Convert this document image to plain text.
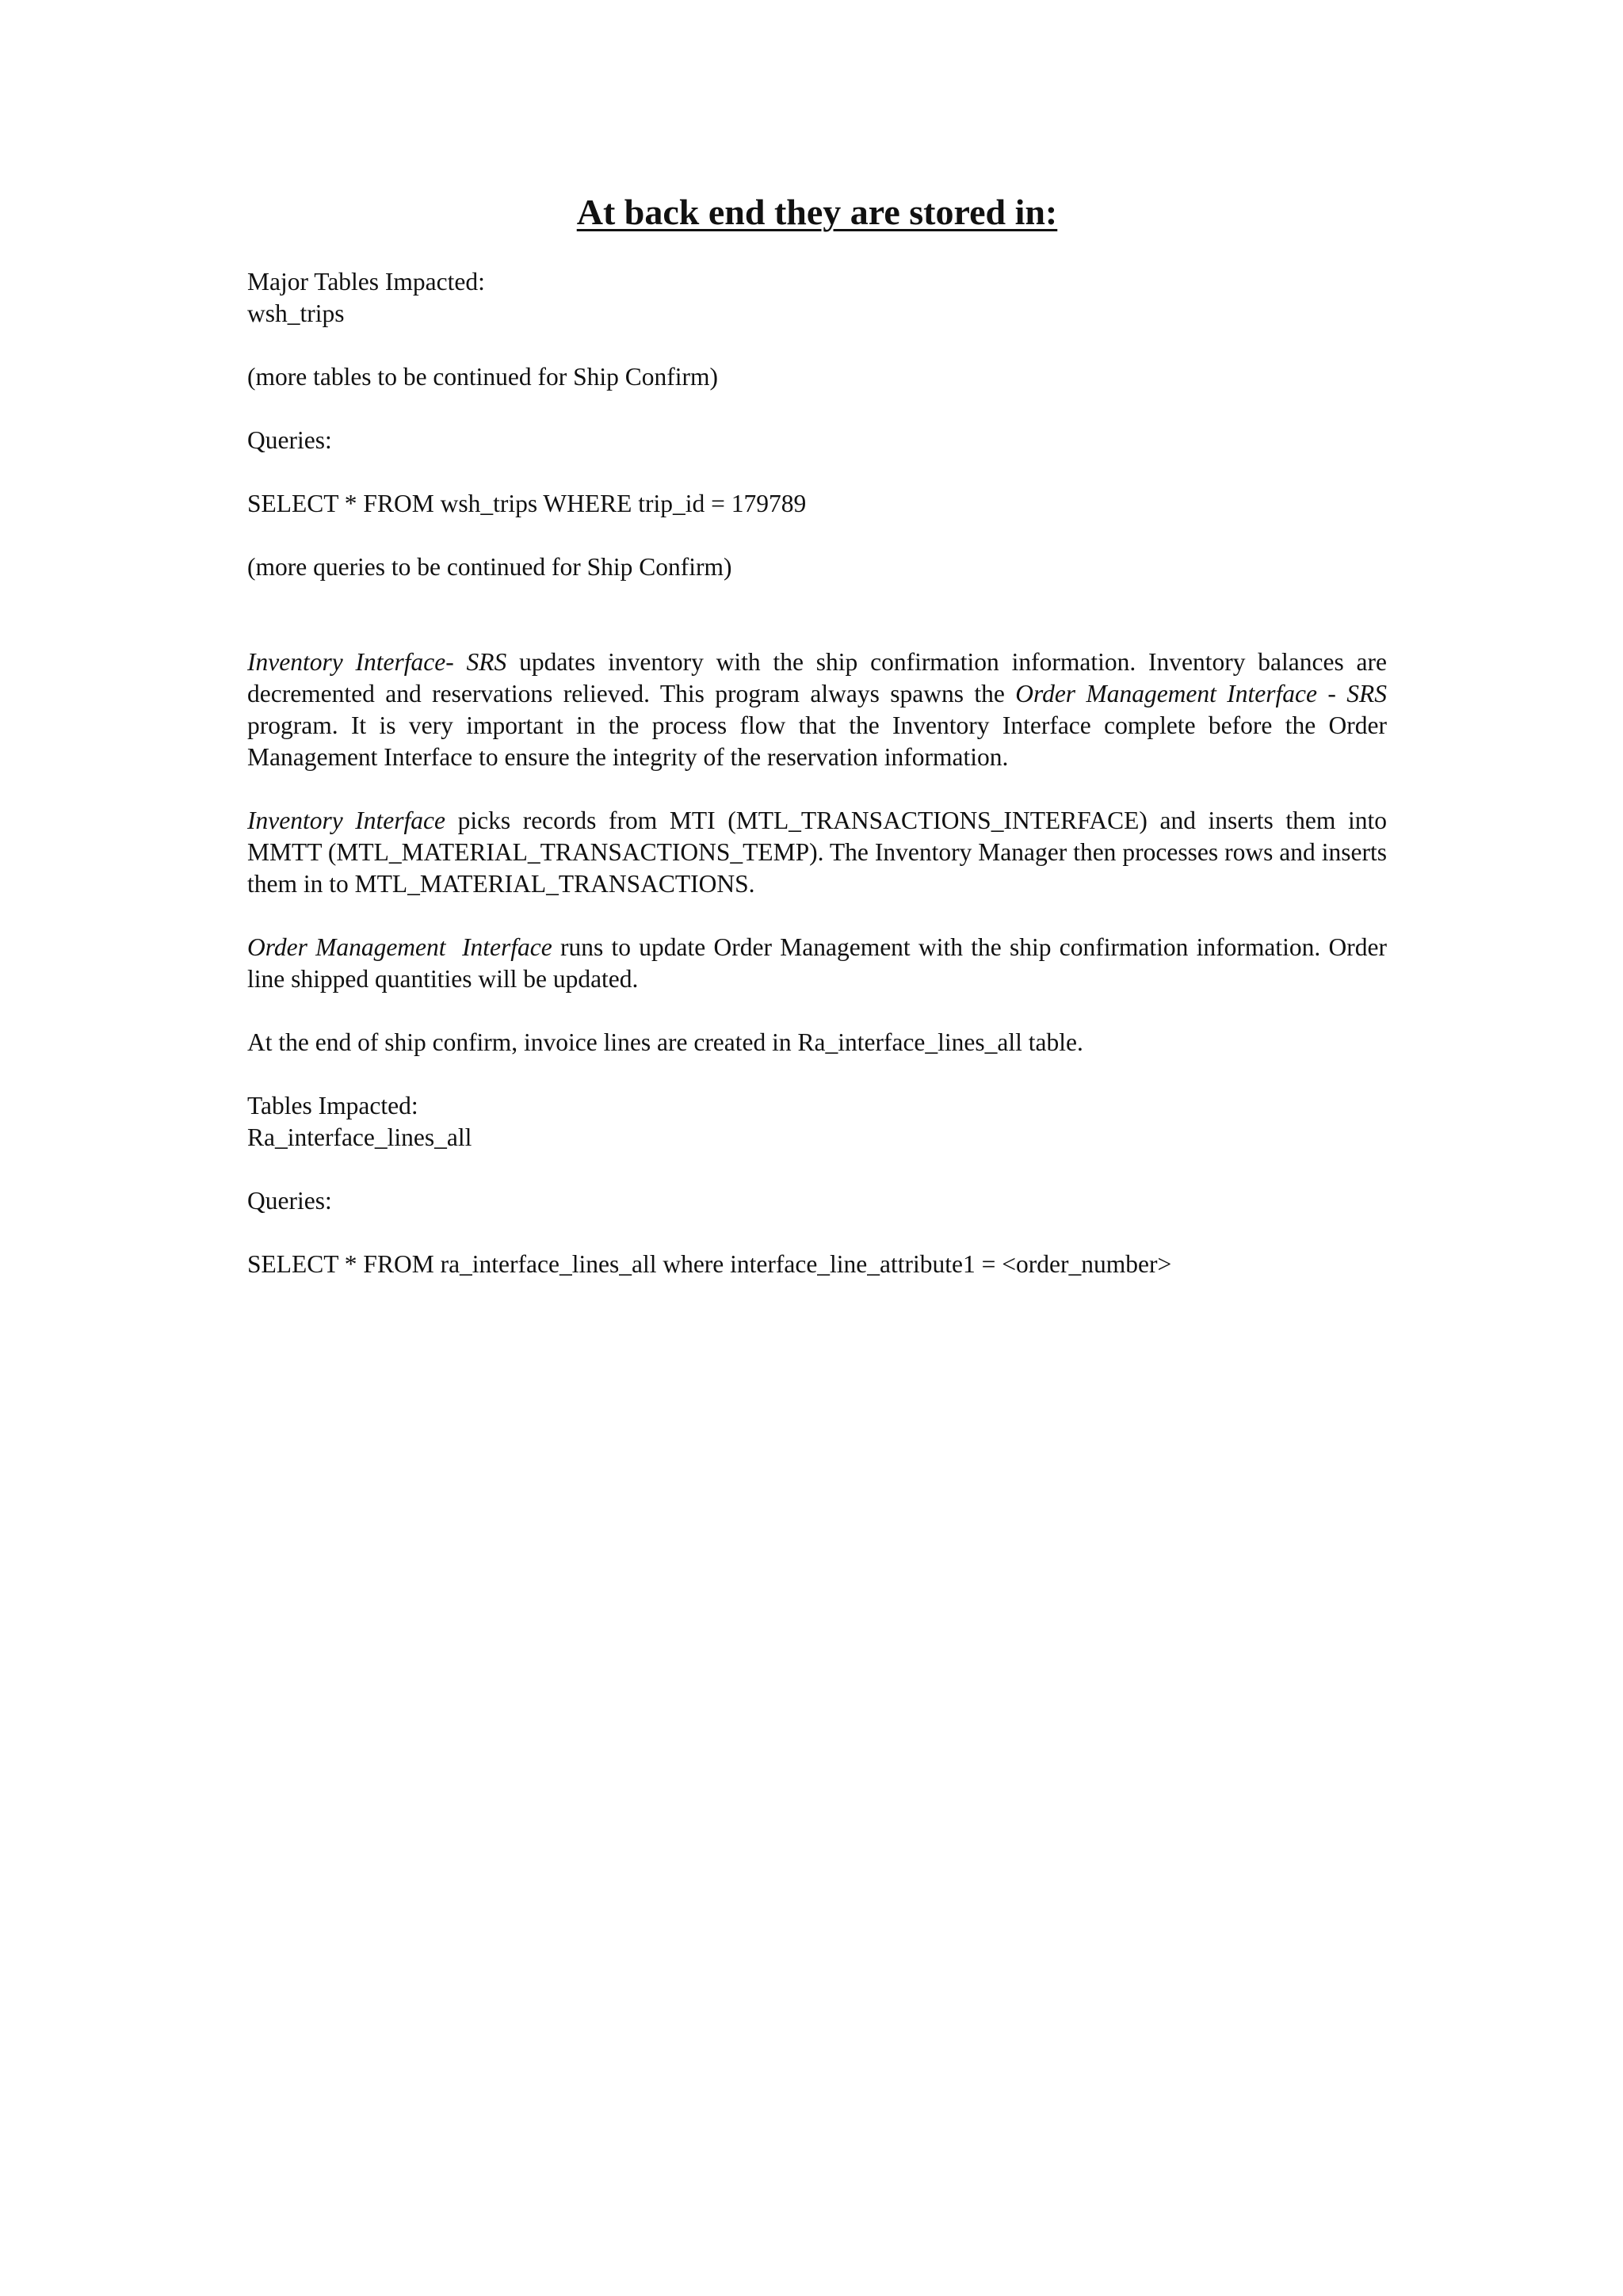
At back end they are stored in:
Major Tables Impacted:
wsh_trips
(more tables to be continued for Ship Confirm)
Queries:
SELECT * FROM wsh_trips WHERE trip_id = 179789
(more queries to be continued for Ship Confirm)
Inventory Interface- SRS updates inventory with the ship confirmation information. Inventory balances are decremented and reservations relieved. This program always spawns the Order Management Interface - SRS program. It is very important in the process flow that the Inventory Interface complete before the Order Management Interface to ensure the integrity of the reservation information.
Inventory Interface picks records from MTI (MTL_TRANSACTIONS_INTERFACE) and inserts them into MMTT (MTL_MATERIAL_TRANSACTIONS_TEMP). The Inventory Manager then processes rows and inserts them in to MTL_MATERIAL_TRANSACTIONS.
Order Management  Interface runs to update Order Management with the ship confirmation information. Order line shipped quantities will be updated.
At the end of ship confirm, invoice lines are created in Ra_interface_lines_all table.
Tables Impacted:
Ra_interface_lines_all
Queries:
SELECT * FROM ra_interface_lines_all where interface_line_attribute1 = <order_number>
